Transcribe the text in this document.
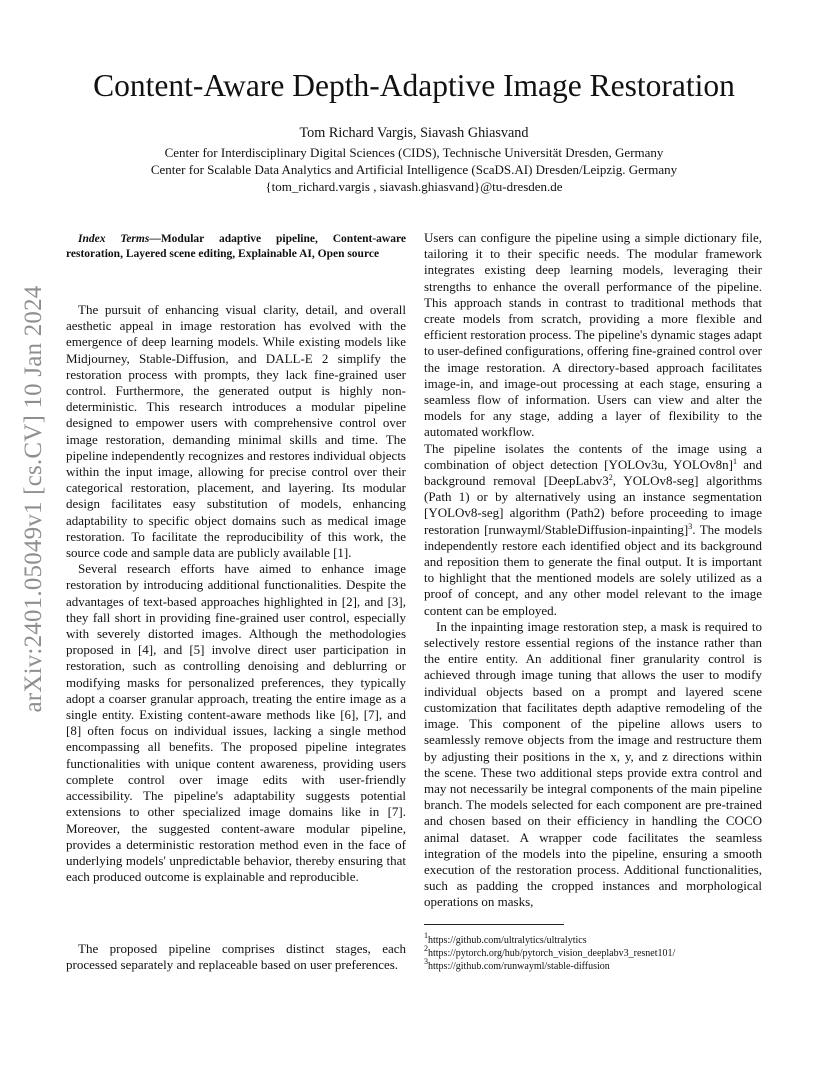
arXiv:2401.05049v1 [cs.CV] 10 Jan 2024
Content-Aware Depth-Adaptive Image Restoration
Tom Richard Vargis, Siavash Ghiasvand
Center for Interdisciplinary Digital Sciences (CIDS), Technische Universität Dresden, Germany
Center for Scalable Data Analytics and Artificial Intelligence (ScaDS.AI) Dresden/Leipzig. Germany
{tom_richard.vargis , siavash.ghiasvand}@tu-dresden.de

Index Terms—Modular adaptive pipeline, Content-aware restoration, Layered scene editing, Explainable AI, Open source

The pursuit of enhancing visual clarity, detail, and overall aesthetic appeal in image restoration has evolved with the emergence of deep learning models. While existing models like Midjourney, Stable-Diffusion, and DALL-E 2 simplify the restoration process with prompts, they lack fine-grained user control. Furthermore, the generated output is highly non-deterministic. This research introduces a modular pipeline designed to empower users with comprehensive control over image restoration, demanding minimal skills and time. The pipeline independently recognizes and restores individual objects within the input image, allowing for precise control over their categorical restoration, placement, and layering. Its modular design facilitates easy substitution of models, enhancing adaptability to specific object domains such as medical image restoration. To facilitate the reproducibility of this work, the source code and sample data are publicly available [1].

Several research efforts have aimed to enhance image restoration by introducing additional functionalities. Despite the advantages of text-based approaches highlighted in [2], and [3], they fall short in providing fine-grained user control, especially with severely distorted images. Although the methodologies proposed in [4], and [5] involve direct user participation in restoration, such as controlling denoising and deblurring or modifying masks for personalized preferences, they typically adopt a coarser granular approach, treating the entire image as a single entity. Existing content-aware methods like [6], [7], and [8] often focus on individual issues, lacking a single method encompassing all benefits. The proposed pipeline integrates functionalities with unique content awareness, providing users complete control over image edits with user-friendly accessibility. The pipeline's adaptability suggests potential extensions to other specialized image domains like in [7]. Moreover, the suggested content-aware modular pipeline, provides a deterministic restoration method even in the face of underlying models' unpredictable behavior, thereby ensuring that each produced outcome is explainable and reproducible.

The proposed pipeline comprises distinct stages, each processed separately and replaceable based on user preferences.

Users can configure the pipeline using a simple dictionary file, tailoring it to their specific needs. The modular framework integrates existing deep learning models, leveraging their strengths to enhance the overall performance of the pipeline. This approach stands in contrast to traditional methods that create models from scratch, providing a more flexible and efficient restoration process. The pipeline's dynamic stages adapt to user-defined configurations, offering fine-grained control over the image restoration. A directory-based approach facilitates image-in, and image-out processing at each stage, ensuring a seamless flow of information. Users can view and alter the models for any stage, adding a layer of flexibility to the automated workflow.

The pipeline isolates the contents of the image using a combination of object detection [YOLOv3u, YOLOv8n]$^1$ and background removal [$DeepLabv3^2$, YOLOv8-seg] algorithms (Path 1) or by alternatively using an instance segmentation [YOLOv8-seg] algorithm (Path2) before proceeding to image restoration [runwayml/StableDiffusion-inpainting]$^3$. The models independently restore each identified object and its background and reposition them to generate the final output. It is important to highlight that the mentioned models are solely utilized as a proof of concept, and any other model relevant to the image content can be employed.

In the inpainting image restoration step, a mask is required to selectively restore essential regions of the instance rather than the entire entity. An additional finer granularity control is achieved through image tuning that allows the user to modify individual objects based on a prompt and layered scene customization that facilitates depth adaptive remodeling of the image. This component of the pipeline allows users to seamlessly remove objects from the image and restructure them by adjusting their positions in the x, y, and z directions within the scene. These two additional steps provide extra control and may not necessarily be integral components of the main pipeline branch. The models selected for each component are pre-trained and chosen based on their efficiency in handling the COCO animal dataset. A wrapper code facilitates the seamless integration of the models into the pipeline, ensuring a smooth execution of the restoration process. Additional functionalities, such as padding the cropped instances and morphological operations on masks,

$^1$https://github.com/ultralytics/ultralytics
$^2$https://pytorch.org/hub/pytorch_vision_deeplabv3_resnet101/
$^3$https://github.com/runwayml/stable-diffusion
